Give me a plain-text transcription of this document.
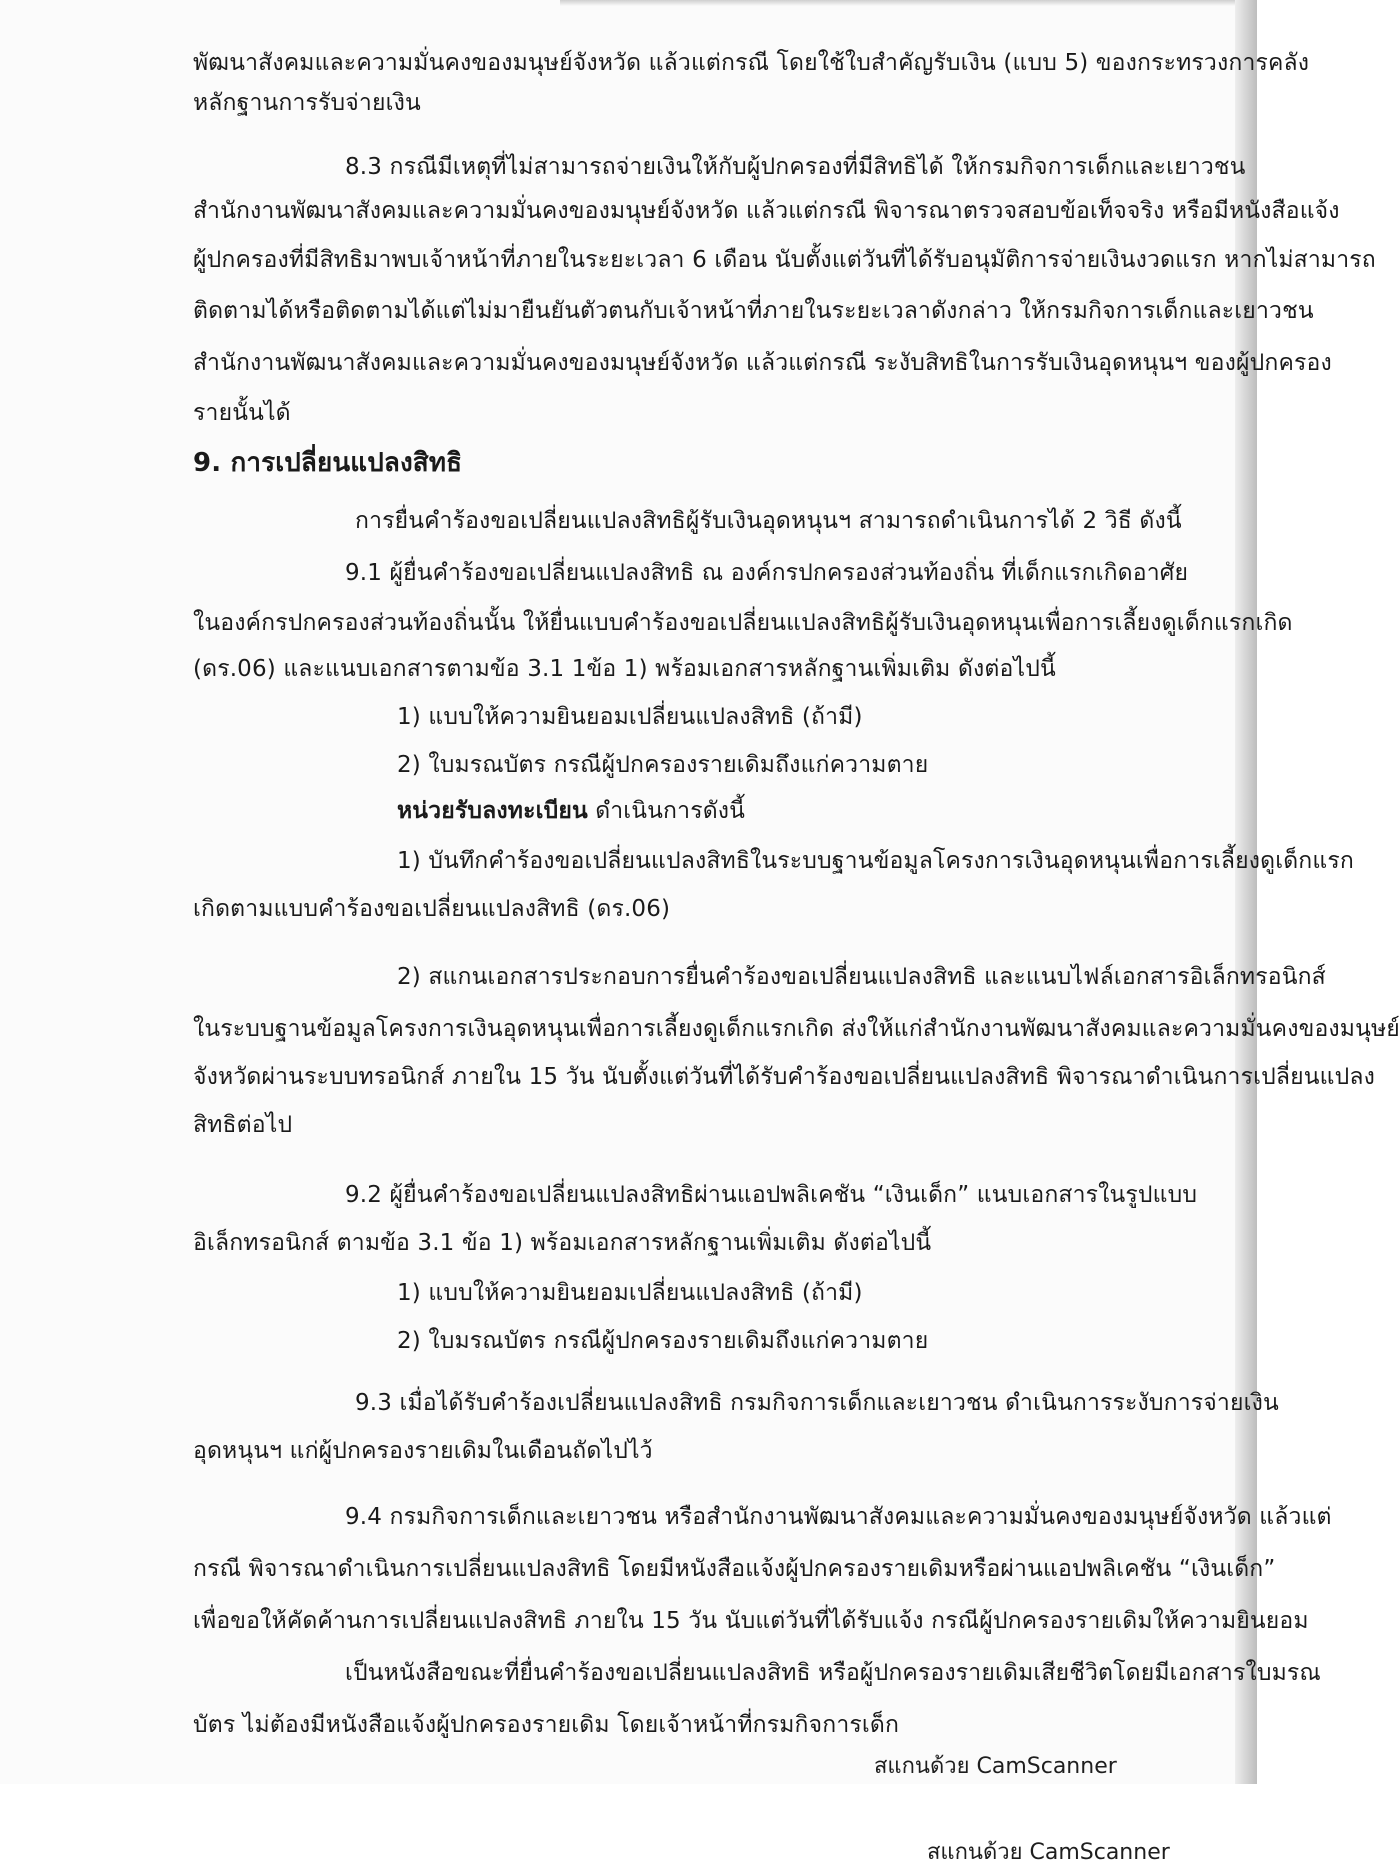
พัฒนาสังคมและความมั่นคงของมนุษย์จังหวัด แล้วแต่กรณี โดยใช้ใบสำคัญรับเงิน (แบบ 5) ของกระทรวงการคลัง
หลักฐานการรับจ่ายเงิน
8.3 กรณีมีเหตุที่ไม่สามารถจ่ายเงินให้กับผู้ปกครองที่มีสิทธิได้ ให้กรมกิจการเด็กและเยาวชน
สำนักงานพัฒนาสังคมและความมั่นคงของมนุษย์จังหวัด แล้วแต่กรณี พิจารณาตรวจสอบข้อเท็จจริง หรือมีหนังสือแจ้ง
ผู้ปกครองที่มีสิทธิมาพบเจ้าหน้าที่ภายในระยะเวลา 6 เดือน นับตั้งแต่วันที่ได้รับอนุมัติการจ่ายเงินงวดแรก หากไม่สามารถ
ติดตามได้หรือติดตามได้แต่ไม่มายืนยันตัวตนกับเจ้าหน้าที่ภายในระยะเวลาดังกล่าว ให้กรมกิจการเด็กและเยาวชน
สำนักงานพัฒนาสังคมและความมั่นคงของมนุษย์จังหวัด แล้วแต่กรณี ระงับสิทธิในการรับเงินอุดหนุนฯ ของผู้ปกครอง
รายนั้นได้
9. การเปลี่ยนแปลงสิทธิ
การยื่นคำร้องขอเปลี่ยนแปลงสิทธิผู้รับเงินอุดหนุนฯ สามารถดำเนินการได้ 2 วิธี ดังนี้
9.1 ผู้ยื่นคำร้องขอเปลี่ยนแปลงสิทธิ ณ องค์กรปกครองส่วนท้องถิ่น ที่เด็กแรกเกิดอาศัย
ในองค์กรปกครองส่วนท้องถิ่นนั้น ให้ยื่นแบบคำร้องขอเปลี่ยนแปลงสิทธิผู้รับเงินอุดหนุนเพื่อการเลี้ยงดูเด็กแรกเกิด
(ดร.06) และแนบเอกสารตามข้อ 3.1 1ข้อ 1) พร้อมเอกสารหลักฐานเพิ่มเติม ดังต่อไปนี้
1) แบบให้ความยินยอมเปลี่ยนแปลงสิทธิ (ถ้ามี)
2) ใบมรณบัตร กรณีผู้ปกครองรายเดิมถึงแก่ความตาย
หน่วยรับลงทะเบียน ดำเนินการดังนี้
1) บันทึกคำร้องขอเปลี่ยนแปลงสิทธิในระบบฐานข้อมูลโครงการเงินอุดหนุนเพื่อการเลี้ยงดูเด็กแรก
เกิดตามแบบคำร้องขอเปลี่ยนแปลงสิทธิ (ดร.06)
2) สแกนเอกสารประกอบการยื่นคำร้องขอเปลี่ยนแปลงสิทธิ และแนบไฟล์เอกสารอิเล็กทรอนิกส์
ในระบบฐานข้อมูลโครงการเงินอุดหนุนเพื่อการเลี้ยงดูเด็กแรกเกิด ส่งให้แก่สำนักงานพัฒนาสังคมและความมั่นคงของมนุษย์
จังหวัดผ่านระบบทรอนิกส์ ภายใน 15 วัน นับตั้งแต่วันที่ได้รับคำร้องขอเปลี่ยนแปลงสิทธิ พิจารณาดำเนินการเปลี่ยนแปลง
สิทธิต่อไป
9.2 ผู้ยื่นคำร้องขอเปลี่ยนแปลงสิทธิผ่านแอปพลิเคชัน “เงินเด็ก” แนบเอกสารในรูปแบบ
อิเล็กทรอนิกส์ ตามข้อ 3.1 ข้อ 1) พร้อมเอกสารหลักฐานเพิ่มเติม ดังต่อไปนี้
1) แบบให้ความยินยอมเปลี่ยนแปลงสิทธิ (ถ้ามี)
2) ใบมรณบัตร กรณีผู้ปกครองรายเดิมถึงแก่ความตาย
9.3 เมื่อได้รับคำร้องเปลี่ยนแปลงสิทธิ กรมกิจการเด็กและเยาวชน ดำเนินการระงับการจ่ายเงิน
อุดหนุนฯ แก่ผู้ปกครองรายเดิมในเดือนถัดไปไว้
9.4 กรมกิจการเด็กและเยาวชน หรือสำนักงานพัฒนาสังคมและความมั่นคงของมนุษย์จังหวัด แล้วแต่
กรณี พิจารณาดำเนินการเปลี่ยนแปลงสิทธิ โดยมีหนังสือแจ้งผู้ปกครองรายเดิมหรือผ่านแอปพลิเคชัน “เงินเด็ก”
เพื่อขอให้คัดค้านการเปลี่ยนแปลงสิทธิ ภายใน 15 วัน นับแต่วันที่ได้รับแจ้ง กรณีผู้ปกครองรายเดิมให้ความยินยอม
เป็นหนังสือขณะที่ยื่นคำร้องขอเปลี่ยนแปลงสิทธิ หรือผู้ปกครองรายเดิมเสียชีวิตโดยมีเอกสารใบมรณ
บัตร ไม่ต้องมีหนังสือแจ้งผู้ปกครองรายเดิม โดยเจ้าหน้าที่กรมกิจการเด็ก
สแกนด้วย CamScanner
สแกนด้วย CamScanner
